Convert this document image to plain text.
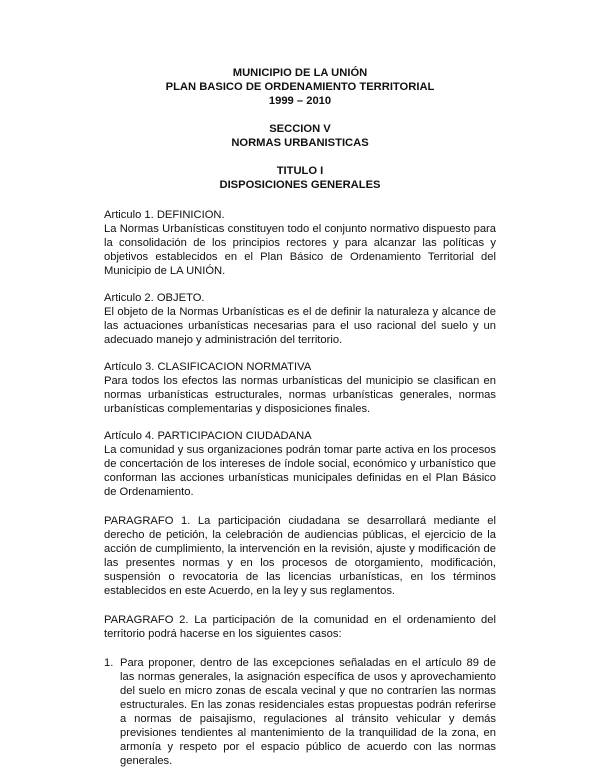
MUNICIPIO DE LA UNIÓN
PLAN BASICO DE ORDENAMIENTO TERRITORIAL
1999 – 2010
SECCION V
NORMAS URBANISTICAS
TITULO I
DISPOSICIONES GENERALES

Articulo 1. DEFINICION.

La Normas Urbanísticas constituyen todo el conjunto normativo dispuesto para la consolidación de los principios rectores y para alcanzar las políticas y objetivos establecidos en el Plan Básico de Ordenamiento Territorial del Municipio de LA UNIÓN.

Articulo 2. OBJETO.

El objeto de la Normas Urbanísticas es el de definir la naturaleza y alcance de las actuaciones urbanísticas necesarias para el uso racional del suelo y un adecuado manejo y administración del territorio.

Artículo 3. CLASIFICACION NORMATIVA

Para todos los efectos las normas urbanísticas del municipio se clasifican en normas urbanísticas estructurales, normas urbanísticas generales, normas urbanísticas complementarias y disposiciones finales.

Artículo 4. PARTICIPACION CIUDADANA

La comunidad y sus organizaciones podrán tomar parte activa en los procesos de concertación de los intereses de índole social, económico y urbanístico que conforman las acciones urbanísticas municipales definidas en el Plan Básico de Ordenamiento.

PARAGRAFO 1. La participación ciudadana se desarrollará mediante el derecho de petición, la celebración de audiencias públicas, el ejercicio de la acción de cumplimiento, la intervención en la revisión, ajuste y modificación de las presentes normas y en los procesos de otorgamiento, modificación, suspensión o revocatoria de las licencias urbanísticas, en los términos establecidos en este Acuerdo, en la ley y sus reglamentos.

PARAGRAFO 2. La participación de la comunidad en el ordenamiento del territorio podrá hacerse en los siguientes casos:

1. Para proponer, dentro de las excepciones señaladas en el artículo 89 de las normas generales, la asignación específica de usos y aprovechamiento del suelo en micro zonas de escala vecinal y que no contraríen las normas estructurales. En las zonas residenciales estas propuestas podrán referirse a normas de paisajismo, regulaciones al tránsito vehicular y demás previsiones tendientes al mantenimiento de la tranquilidad de la zona, en armonía y respeto por el espacio público de acuerdo con las normas generales.
